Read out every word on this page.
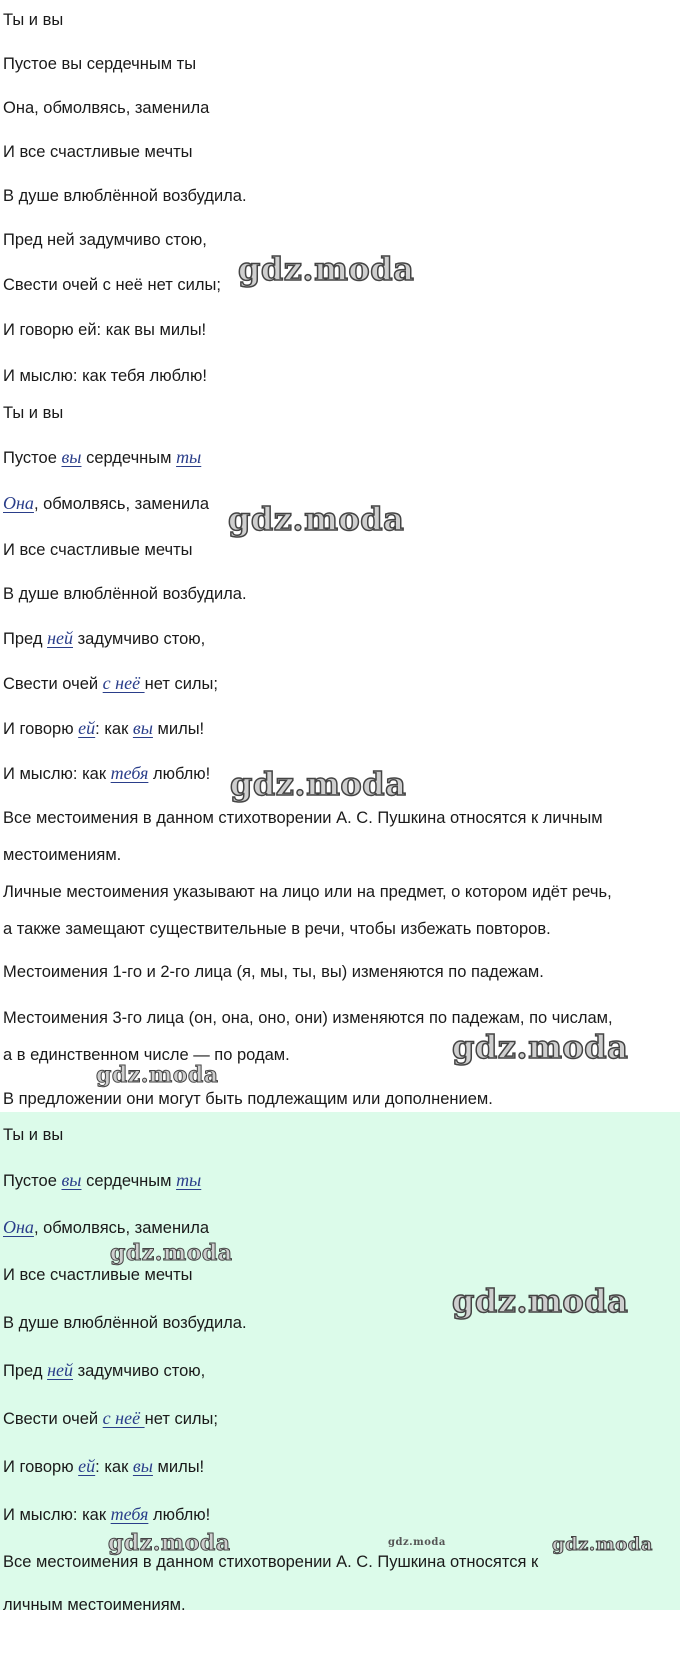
Ты и вы
Пустое вы сердечным ты
Она, обмолвясь, заменила
И все счастливые мечты
В душе влюблённой возбудила.
Пред ней задумчиво стою,
Свести очей с неё нет силы;
И говорю ей: как вы милы!
И мыслю: как тебя люблю!
Ты и вы
Пустое вы сердечным ты
Она, обмолвясь, заменила
И все счастливые мечты
В душе влюблённой возбудила.
Пред ней задумчиво стою,
Свести очей с неё нет силы;
И говорю ей: как вы милы!
И мыслю: как тебя люблю!
Все местоимения в данном стихотворении А. С. Пушкина относятся к личным
местоимениям.
Личные местоимения указывают на лицо или на предмет, о котором идёт речь,
а также замещают существительные в речи, чтобы избежать повторов.
Местоимения 1-го и 2-го лица (я, мы, ты, вы) изменяются по падежам.
Местоимения 3-го лица (он, она, оно, они) изменяются по падежам, по числам,
а в единственном числе — по родам.
В предложении они могут быть подлежащим или дополнением.
Ты и вы
Пустое вы сердечным ты
Она, обмолвясь, заменила
И все счастливые мечты
В душе влюблённой возбудила.
Пред ней задумчиво стою,
Свести очей с неё нет силы;
И говорю ей: как вы милы!
И мыслю: как тебя люблю!
Все местоимения в данном стихотворении А. С. Пушкина относятся к
личным местоимениям.
gdz.moda
gdz.moda
gdz.moda
gdz.moda
gdz.moda
gdz.moda
gdz.moda
gdz.moda	gdz.moda	gdz.moda
